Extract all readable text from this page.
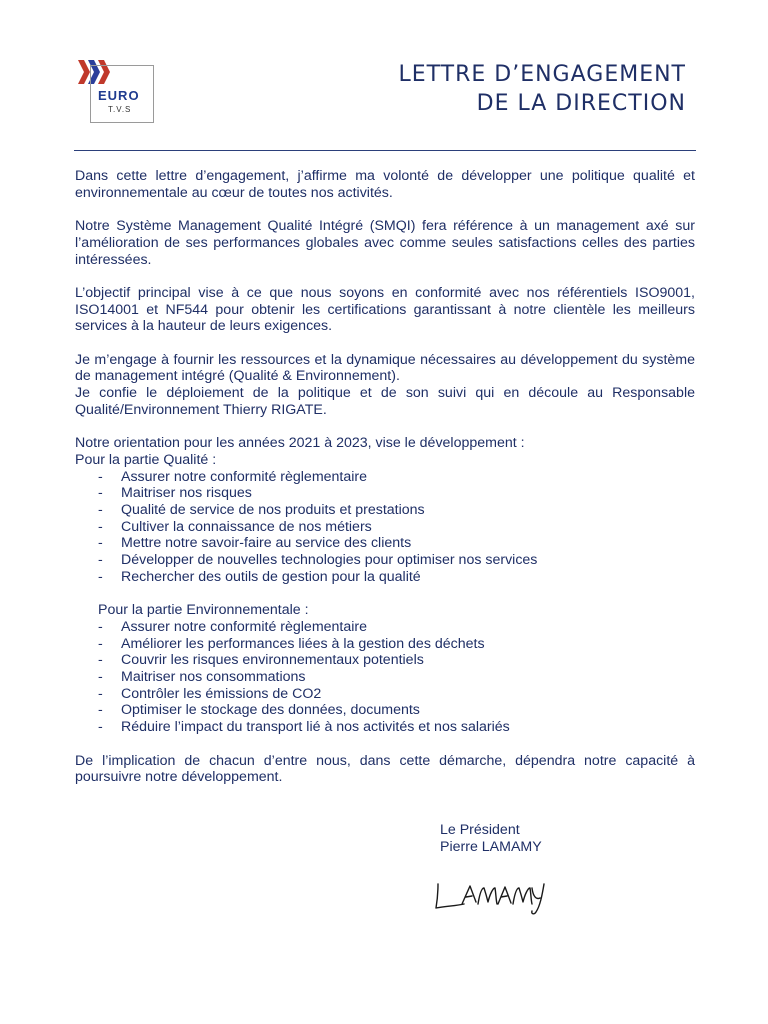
EURO
T.V.S
LETTRE D’ENGAGEMENT
DE LA DIRECTION

Dans cette lettre d’engagement, j’affirme ma volonté de développer une politique qualité et environnementale au cœur de toutes nos activités.

Notre Système Management Qualité Intégré (SMQI) fera référence à un management axé sur l’amélioration de ses performances globales avec comme seules satisfactions celles des parties intéressées.

L’objectif principal vise à ce que nous soyons en conformité avec nos référentiels ISO9001, ISO14001 et NF544 pour obtenir les certifications garantissant à notre clientèle les meilleurs services à la hauteur de leurs exigences.

Je m’engage à fournir les ressources et la dynamique nécessaires au développement du système de management intégré (Qualité & Environnement).

Je confie le déploiement de la politique et de son suivi qui en découle au Responsable Qualité/Environnement Thierry RIGATE.

Notre orientation pour les années 2021 à 2023, vise le développement :
Pour la partie Qualité :
- Assurer notre conformité règlementaire
- Maitriser nos risques
- Qualité de service de nos produits et prestations
- Cultiver la connaissance de nos métiers
- Mettre notre savoir-faire au service des clients
- Développer de nouvelles technologies pour optimiser nos services
- Rechercher des outils de gestion pour la qualité
Pour la partie Environnementale :
- Assurer notre conformité règlementaire
- Améliorer les performances liées à la gestion des déchets
- Couvrir les risques environnementaux potentiels
- Maitriser nos consommations
- Contrôler les émissions de CO2
- Optimiser le stockage des données, documents
- Réduire l’impact du transport lié à nos activités et nos salariés

De l’implication de chacun d’entre nous, dans cette démarche, dépendra notre capacité à poursuivre notre développement.

Le Président
Pierre LAMAMY
